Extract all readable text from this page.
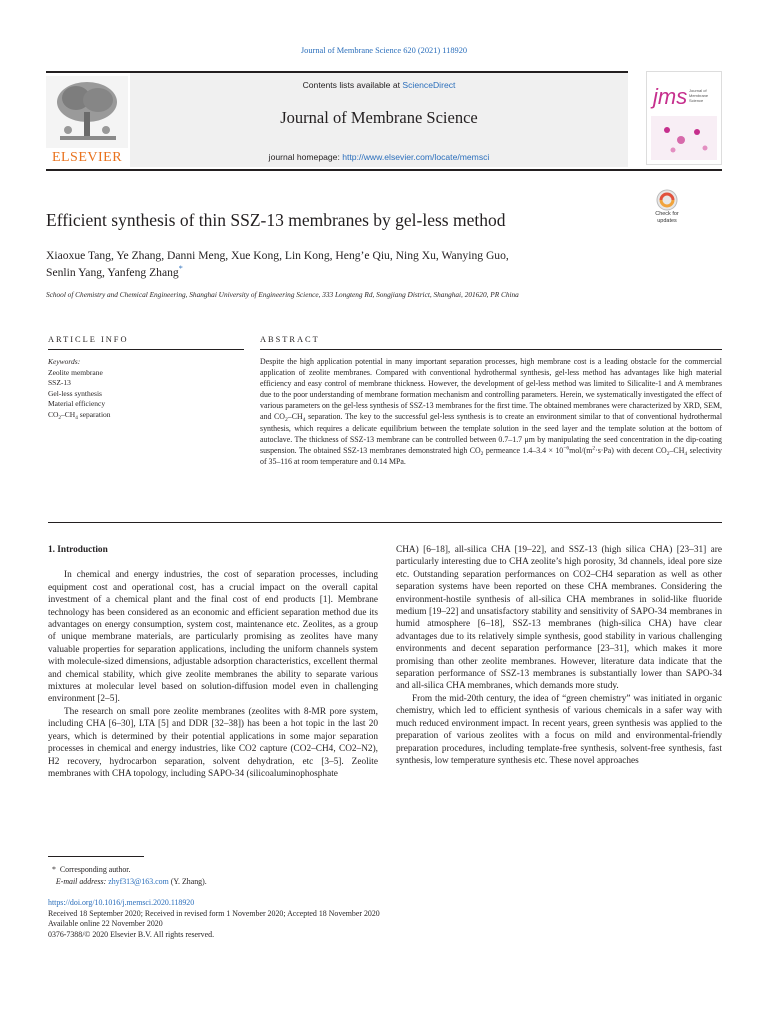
Journal of Membrane Science 620 (2021) 118920
Contents lists available at ScienceDirect
Journal of Membrane Science
journal homepage: http://www.elsevier.com/locate/memsci
ELSEVIER
jms Journal of Membrane Science
Efficient synthesis of thin SSZ-13 membranes by gel-less method	Check for updates
Xiaoxue Tang, Ye Zhang, Danni Meng, Xue Kong, Lin Kong, Heng’e Qiu, Ning Xu, Wanying Guo,
Senlin Yang, Yanfeng Zhang*
School of Chemistry and Chemical Engineering, Shanghai University of Engineering Science, 333 Longteng Rd, Songjiang District, Shanghai, 201620, PR China
ARTICLE INFO	ABSTRACT
Keywords:
Zeolite membrane
SSZ-13
Gel-less synthesis
Material efficiency
$CO_2-CH_4$ separation
Despite the high application potential in many important separation processes, high membrane cost is a leading obstacle for the commercial application of zeolite membranes. Compared with conventional hydrothermal synthesis, gel-less method has advantages like high material efficiency and easy control of membrane thickness. However, the development of gel-less method was limited to Silicalite-1 and A membranes due to the poor understanding of membrane formation mechanism and controlling parameters. Herein, we systematically investigated the effect of various parameters on the gel-less synthesis of SSZ-13 membranes for the first time. The obtained membranes were characterized by XRD, SEM, and $CO_2-CH_4$ separation. The key to the successful gel-less synthesis is to create an environment similar to that of conventional hydrothermal synthesis, which requires a delicate equilibrium between the template solution in the seed layer and the template solution at the bottom of autoclave. The thickness of SSZ-13 membrane can be controlled between 0.7–1.7 μm by manipulating the seed concentration in the dip-coating suspension. The obtained SSZ-13 membranes demonstrated high $CO_2$ permeance $1.4-3.4 \times 10^{-6}mol/(m^2\cdot s\cdot Pa)$ with decent $CO_2-CH_4$ selectivity of 35–116 at room temperature and 0.14 MPa.
1. Introduction

In chemical and energy industries, the cost of separation processes, including equipment cost and operational cost, has a crucial impact on the overall capital investment of a chemical plant and the final cost of end products [1]. Membrane technology has been considered as an economic and efficient separation method due its advantages on energy consumption, system cost, maintenance etc. Zeolites, as a group of unique membrane materials, are particularly promising as zeolites have many valuable properties for separation applications, including the uniform channels system with molecule-sized dimensions, adjustable adsorption characteristics, excellent thermal and chemical stability, which give zeolite membranes the ability to separate various mixtures at molecular level based on solution-diffusion model even in challenging environment [2–5].

The research on small pore zeolite membranes (zeolites with 8-MR pore system, including CHA [6–30], LTA [5] and DDR [32–38]) has been a hot topic in the last 20 years, which is determined by their potential applications in some major separation processes in chemical and energy industries, like CO2 capture (CO2–CH4, CO2–N2), H2 recovery, hydrocarbon separation, solvent dehydration, etc [3–5]. Zeolite membranes with CHA topology, including SAPO-34 (silicoaluminophosphate

CHA) [6–18], all-silica CHA [19–22], and SSZ-13 (high silica CHA) [23–31] are particularly interesting due to CHA zeolite’s high porosity, 3d channels, ideal pore size etc. Outstanding separation performances on CO2–CH4 separation as well as other separation systems have been reported on these CHA membranes. Considering the environment-hostile synthesis of all-silica CHA membranes in solid-like fluoride medium [19–22] and unsatisfactory stability and sensitivity of SAPO-34 membranes in humid atmosphere [6–18], SSZ-13 membranes (high-silica CHA) have clear advantages due to its relatively simple synthesis, good stability in various challenging environments and decent separation performance [23–31], which makes it more promising than other zeolite membranes. However, literature data indicate that the separation performance of SSZ-13 membranes is substantially lower than SAPO-34 and all-silica CHA membranes, which demands more study.

From the mid-20th century, the idea of “green chemistry” was initiated in organic chemistry, which led to efficient synthesis of various chemicals in a safer way with much reduced environment impact. In recent years, green synthesis was applied to the preparation of various zeolites with a focus on mild and environmental-friendly preparation procedures, including template-free synthesis, solvent-free synthesis, fast synthesis, low temperature synthesis etc. These novel approaches

* Corresponding author.
E-mail address: zhyf313@163.com (Y. Zhang).
https://doi.org/10.1016/j.memsci.2020.118920
Received 18 September 2020; Received in revised form 1 November 2020; Accepted 18 November 2020
Available online 22 November 2020
0376-7388/© 2020 Elsevier B.V. All rights reserved.
